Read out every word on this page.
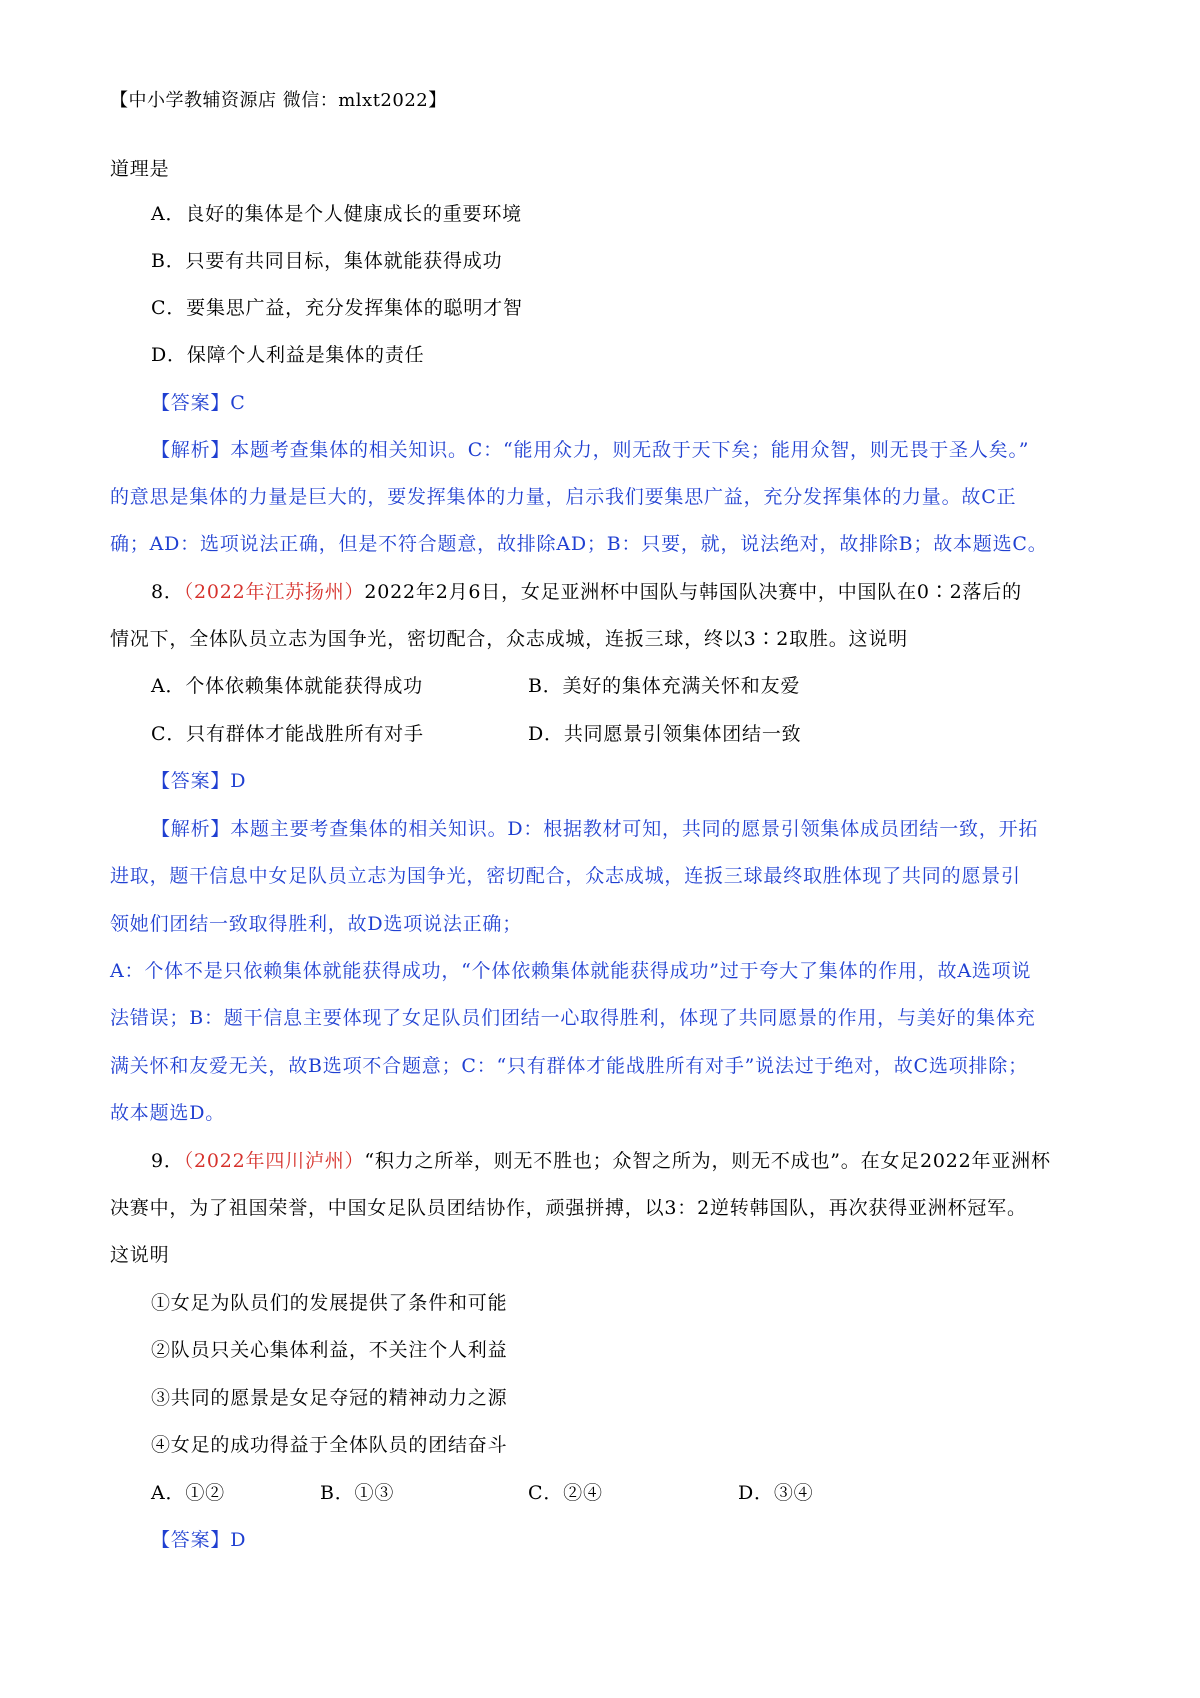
【中小学教辅资源店 微信：mlxt2022】
道理是
A．良好的集体是个人健康成长的重要环境
B．只要有共同目标，集体就能获得成功
C．要集思广益，充分发挥集体的聪明才智
D．保障个人利益是集体的责任
【答案】C
【解析】本题考查集体的相关知识。C：“能用众力，则无敌于天下矣；能用众智，则无畏于圣人矣。”
的意思是集体的力量是巨大的，要发挥集体的力量，启示我们要集思广益，充分发挥集体的力量。故C正
确；AD：选项说法正确，但是不符合题意，故排除AD；B：只要，就，说法绝对，故排除B；故本题选C。
8．（2022年江苏扬州）2022年2月6日，女足亚洲杯中国队与韩国队决赛中，中国队在0∶2落后的
情况下，全体队员立志为国争光，密切配合，众志成城，连扳三球，终以3∶2取胜。这说明
A．个体依赖集体就能获得成功	B．美好的集体充满关怀和友爱
C．只有群体才能战胜所有对手	D．共同愿景引领集体团结一致
【答案】D
【解析】本题主要考查集体的相关知识。D：根据教材可知，共同的愿景引领集体成员团结一致，开拓
进取，题干信息中女足队员立志为国争光，密切配合，众志成城，连扳三球最终取胜体现了共同的愿景引
领她们团结一致取得胜利，故D选项说法正确；
A：个体不是只依赖集体就能获得成功，“个体依赖集体就能获得成功”过于夸大了集体的作用，故A选项说
法错误；B：题干信息主要体现了女足队员们团结一心取得胜利，体现了共同愿景的作用，与美好的集体充
满关怀和友爱无关，故B选项不合题意；C：“只有群体才能战胜所有对手”说法过于绝对，故C选项排除；
故本题选D。
9．（2022年四川泸州）“积力之所举，则无不胜也；众智之所为，则无不成也”。在女足2022年亚洲杯
决赛中，为了祖国荣誉，中国女足队员团结协作，顽强拼搏，以3：2逆转韩国队，再次获得亚洲杯冠军。
这说明
①女足为队员们的发展提供了条件和可能
②队员只关心集体利益，不关注个人利益
③共同的愿景是女足夺冠的精神动力之源
④女足的成功得益于全体队员的团结奋斗
A．①②	B．①③	C．②④	D．③④
【答案】D
